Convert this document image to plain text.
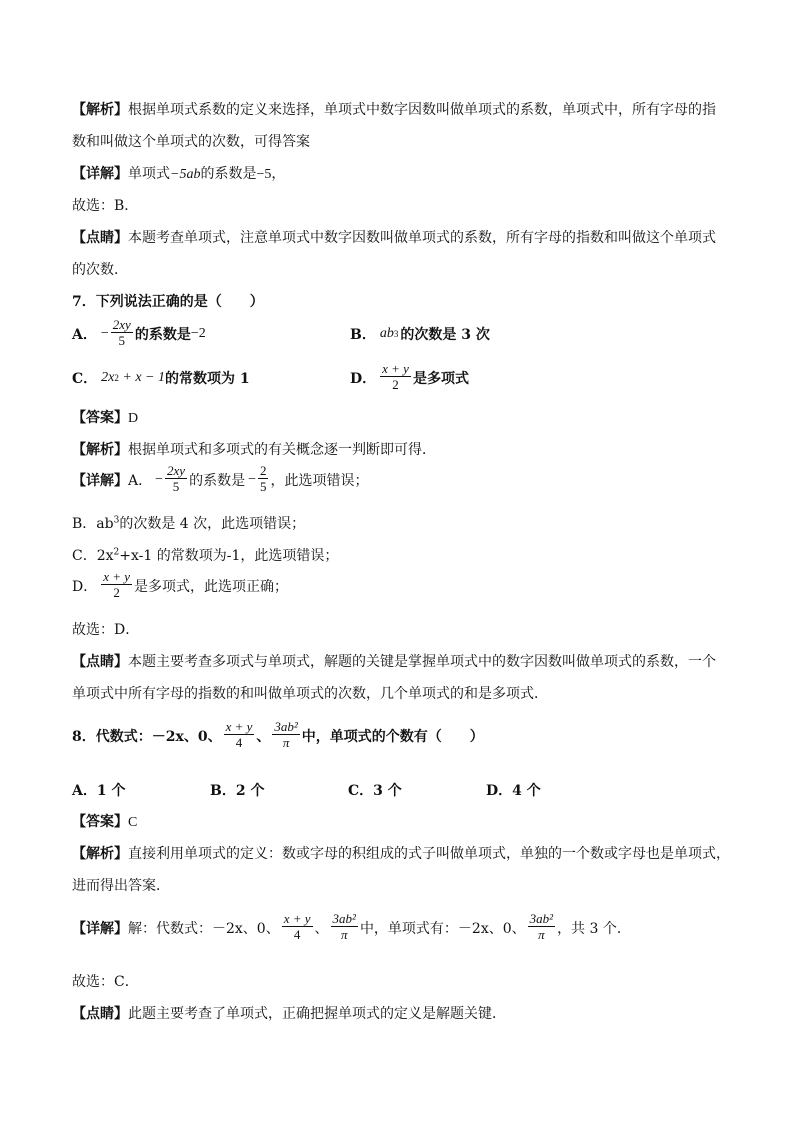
【解析】根据单项式系数的定义来选择，单项式中数字因数叫做单项式的系数，单项式中，所有字母的指
数和叫做这个单项式的次数，可得答案
【详解】单项式−5ab的系数是−5，
故选：B．
【点睛】本题考查单项式，注意单项式中数字因数叫做单项式的系数，所有字母的指数和叫做这个单项式
的次数．
7．下列说法正确的是（　　）
A． − $\frac{2xy}{5}$ 的系数是 −2	B． ab 3 的次数是 3 次
C． 2x 2 + x − 1 的常数项为 1	D． $\frac{x + y}{2}$ 是多项式
【答案】D
【解析】根据单项式和多项式的有关概念逐一判断即可得．
【详解】 A． − $\frac{2xy}{5}$ 的系数是 − $\frac{2}{5}$ ，此选项错误；
B．$ab^3$的次数是 4 次，此选项错误；
C．$2x^2+x-1$ 的常数项为-1，此选项错误；
D． $\frac{x + y}{2}$ 是多项式，此选项正确；
故选：D．
【点睛】本题主要考查多项式与单项式，解题的关键是掌握单项式中的数字因数叫做单项式的系数，一个
单项式中所有字母的指数的和叫做单项式的次数，几个单项式的和是多项式．
8．代数式：－2x、0、 $\frac{x + y}{4}$ 、 $\frac{\text{3ab²}}{\pi}$ 中，单项式的个数有（　　）
A．1 个	B．2 个	C．3 个	D．4 个
【答案】C
【解析】直接利用单项式的定义：数或字母的积组成的式子叫做单项式，单独的一个数或字母也是单项式，
进而得出答案．
【详解】 解：代数式：－2x、0、 $\frac{x + y}{4}$ 、 $\frac{\text{3ab²}}{\pi}$ 中，单项式有：－2x、0、 $\frac{\text{3ab²}}{\pi}$ ，共 3 个．
故选：C．
【点睛】此题主要考查了单项式，正确把握单项式的定义是解题关键．
